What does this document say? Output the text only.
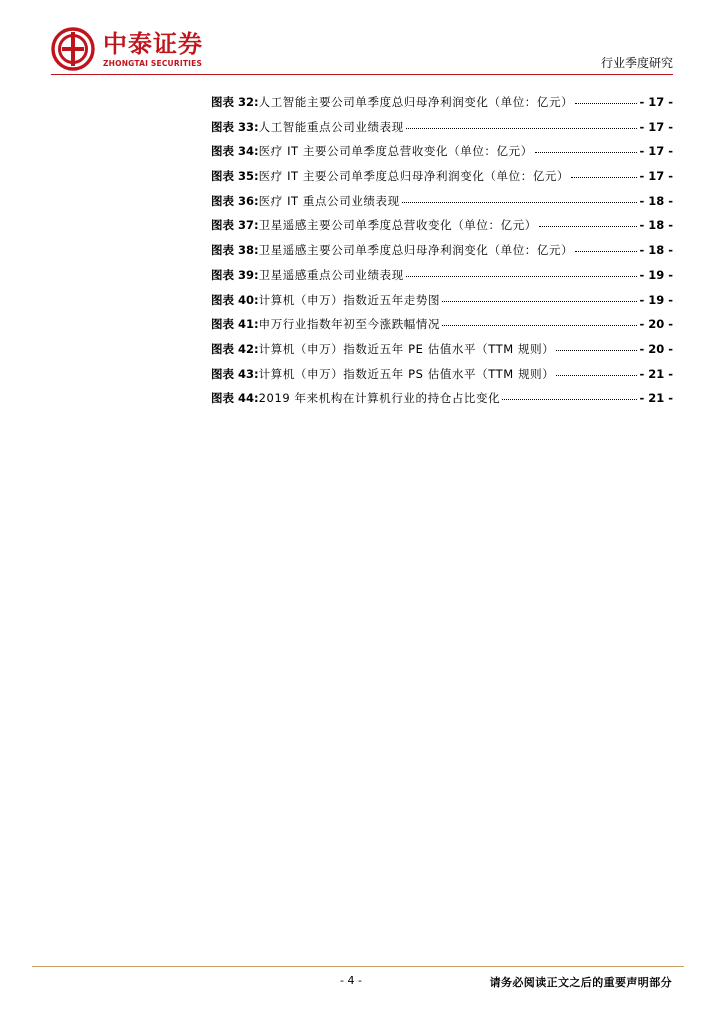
中泰证券
ZHONGTAI SECURITIES	行业季度研究
图表 32: 人工智能主要公司单季度总归母净利润变化（单位：亿元）	- 17 -
图表 33: 人工智能重点公司业绩表现	- 17 -
图表 34: 医疗 IT 主要公司单季度总营收变化（单位：亿元）	- 17 -
图表 35: 医疗 IT 主要公司单季度总归母净利润变化（单位：亿元）	- 17 -
图表 36: 医疗 IT 重点公司业绩表现	- 18 -
图表 37: 卫星遥感主要公司单季度总营收变化（单位：亿元）	- 18 -
图表 38: 卫星遥感主要公司单季度总归母净利润变化（单位：亿元）	- 18 -
图表 39: 卫星遥感重点公司业绩表现	- 19 -
图表 40: 计算机（申万）指数近五年走势图	- 19 -
图表 41: 申万行业指数年初至今涨跌幅情况	- 20 -
图表 42: 计算机（申万）指数近五年 PE 估值水平（TTM 规则）	- 20 -
图表 43: 计算机（申万）指数近五年 PS 估值水平（TTM 规则）	- 21 -
图表 44: 2019 年来机构在计算机行业的持仓占比变化	- 21 -
- 4 -	请务必阅读正文之后的重要声明部分
